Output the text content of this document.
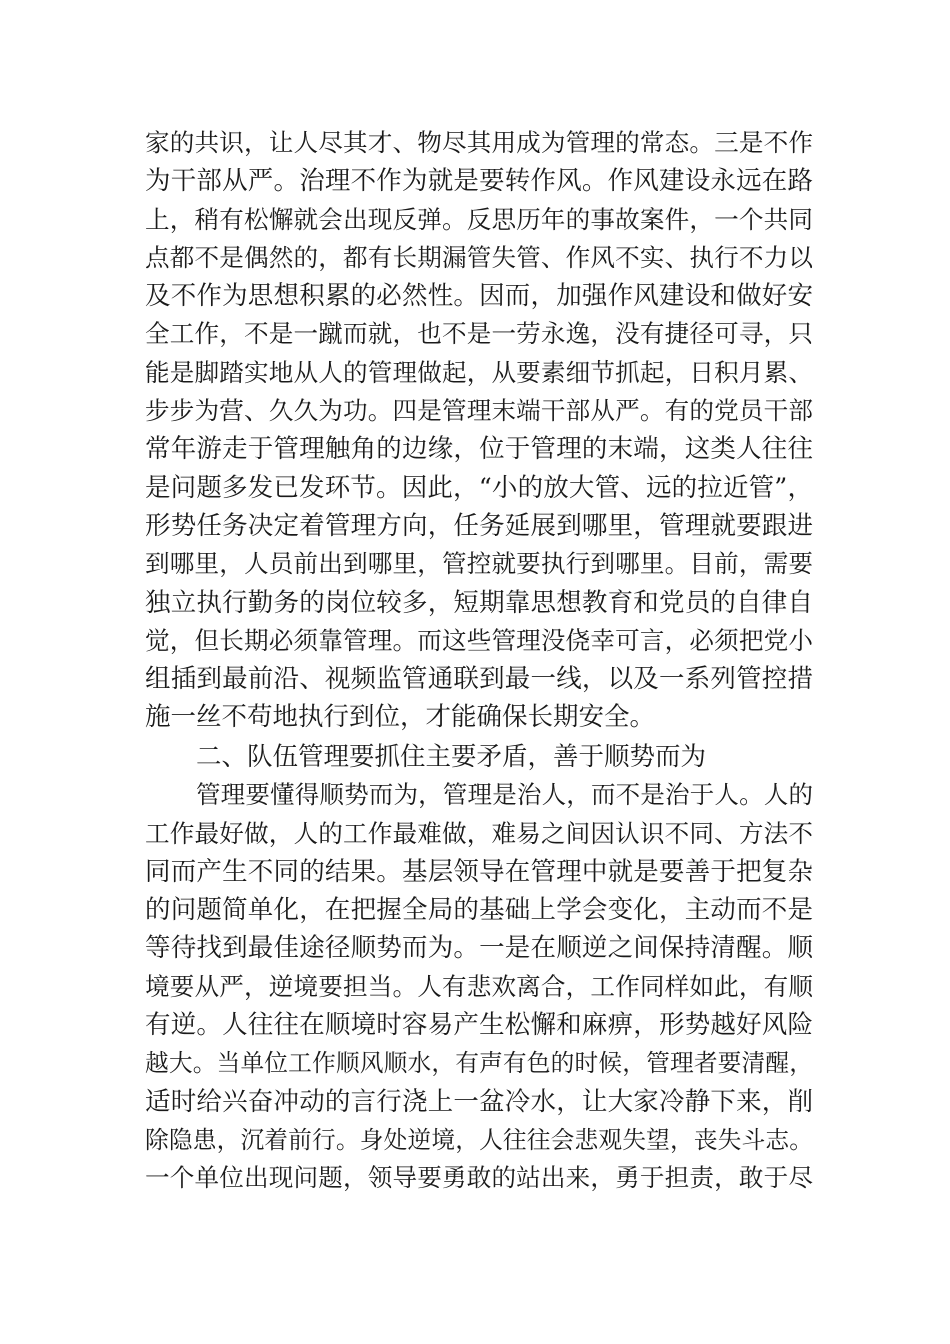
家的共识，让人尽其才、物尽其用成为管理的常态。三是不作
为干部从严。治理不作为就是要转作风。作风建设永远在路
上，稍有松懈就会出现反弹。反思历年的事故案件，一个共同
点都不是偶然的，都有长期漏管失管、作风不实、执行不力以
及不作为思想积累的必然性。因而，加强作风建设和做好安
全工作，不是一蹴而就，也不是一劳永逸，没有捷径可寻，只
能是脚踏实地从人的管理做起，从要素细节抓起，日积月累、
步步为营、久久为功。四是管理末端干部从严。有的党员干部
常年游走于管理触角的边缘，位于管理的末端，这类人往往
是问题多发已发环节。因此，“小的放大管、远的拉近管”，
形势任务决定着管理方向，任务延展到哪里，管理就要跟进
到哪里，人员前出到哪里，管控就要执行到哪里。目前，需要
独立执行勤务的岗位较多，短期靠思想教育和党员的自律自
觉，但长期必须靠管理。而这些管理没侥幸可言，必须把党小
组插到最前沿、视频监管通联到最一线，以及一系列管控措
施一丝不苟地执行到位，才能确保长期安全。
二、队伍管理要抓住主要矛盾，善于顺势而为
管理要懂得顺势而为，管理是治人，而不是治于人。人的
工作最好做，人的工作最难做，难易之间因认识不同、方法不
同而产生不同的结果。基层领导在管理中就是要善于把复杂
的问题简单化，在把握全局的基础上学会变化，主动而不是
等待找到最佳途径顺势而为。一是在顺逆之间保持清醒。顺
境要从严，逆境要担当。人有悲欢离合，工作同样如此，有顺
有逆。人往往在顺境时容易产生松懈和麻痹，形势越好风险
越大。当单位工作顺风顺水，有声有色的时候，管理者要清醒，
适时给兴奋冲动的言行浇上一盆冷水，让大家冷静下来，削
除隐患，沉着前行。身处逆境，人往往会悲观失望，丧失斗志。
一个单位出现问题，领导要勇敢的站出来，勇于担责，敢于尽
